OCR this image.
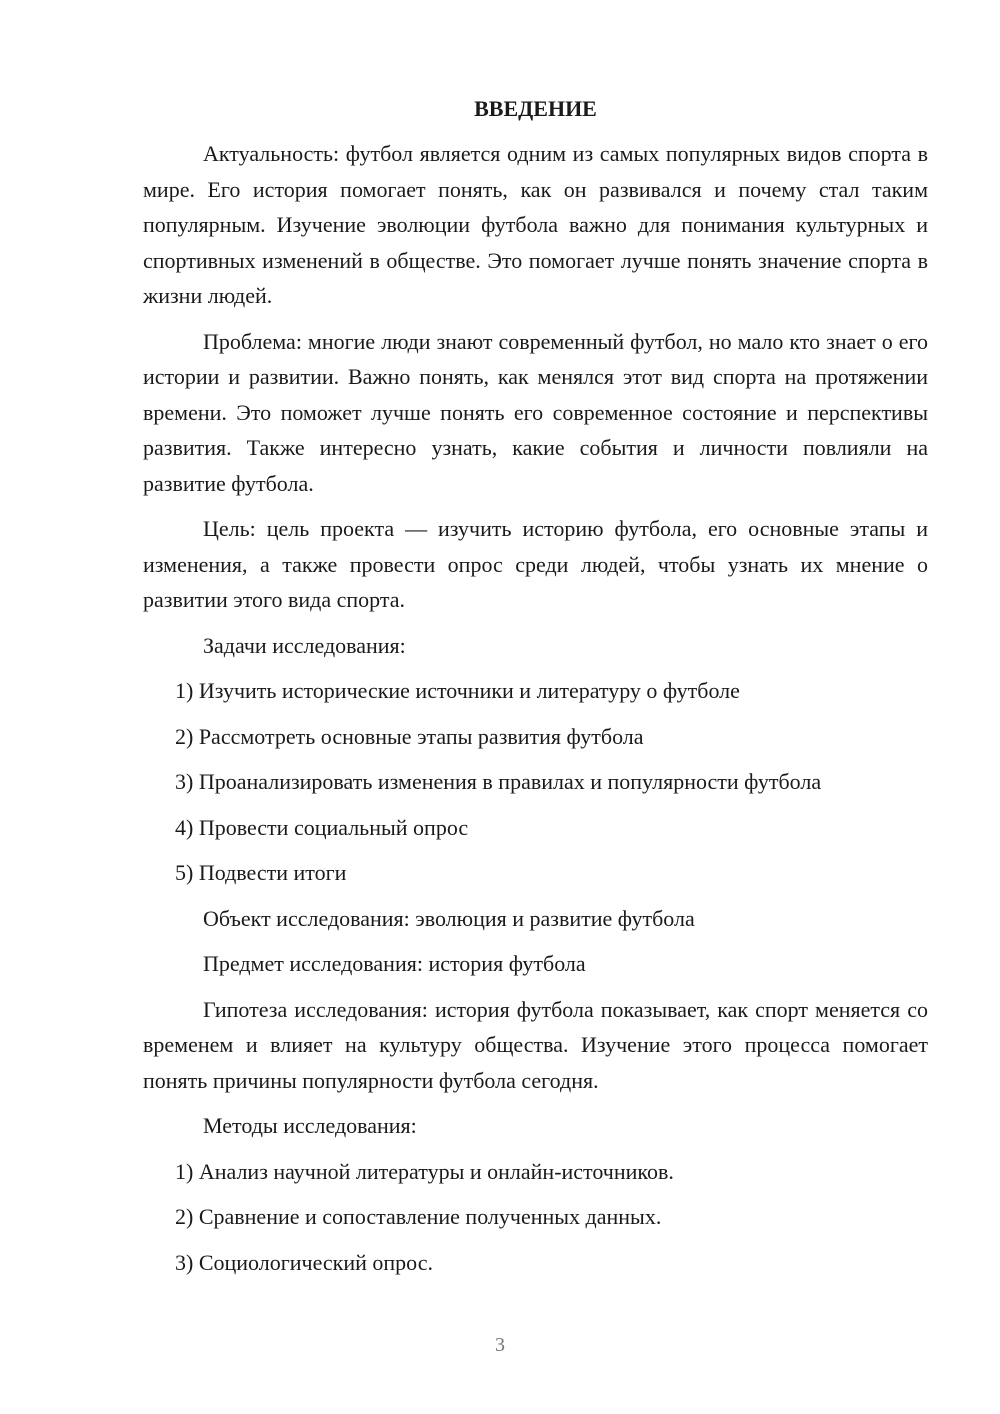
ВВЕДЕНИЕ

Актуальность: футбол является одним из самых популярных видов спорта в мире. Его история помогает понять, как он развивался и почему стал таким популярным. Изучение эволюции футбола важно для понимания культурных и спортивных изменений в обществе. Это помогает лучше понять значение спорта в жизни людей.

Проблема: многие люди знают современный футбол, но мало кто знает о его истории и развитии. Важно понять, как менялся этот вид спорта на протяжении времени. Это поможет лучше понять его современное состояние и перспективы развития. Также интересно узнать, какие события и личности повлияли на развитие футбола.

Цель: цель проекта — изучить историю футбола, его основные этапы и изменения, а также провести опрос среди людей, чтобы узнать их мнение о развитии этого вида спорта.

Задачи исследования:
1) Изучить исторические источники и литературу о футболе
2) Рассмотреть основные этапы развития футбола
3) Проанализировать изменения в правилах и популярности футбола
4) Провести социальный опрос
5) Подвести итоги
Объект исследования: эволюция и развитие футбола
Предмет исследования: история футбола

Гипотеза исследования: история футбола показывает, как спорт меняется со временем и влияет на культуру общества. Изучение этого процесса помогает понять причины популярности футбола сегодня.

Методы исследования:
1) Анализ научной литературы и онлайн-источников.
2) Сравнение и сопоставление полученных данных.
3) Социологический опрос.
3
